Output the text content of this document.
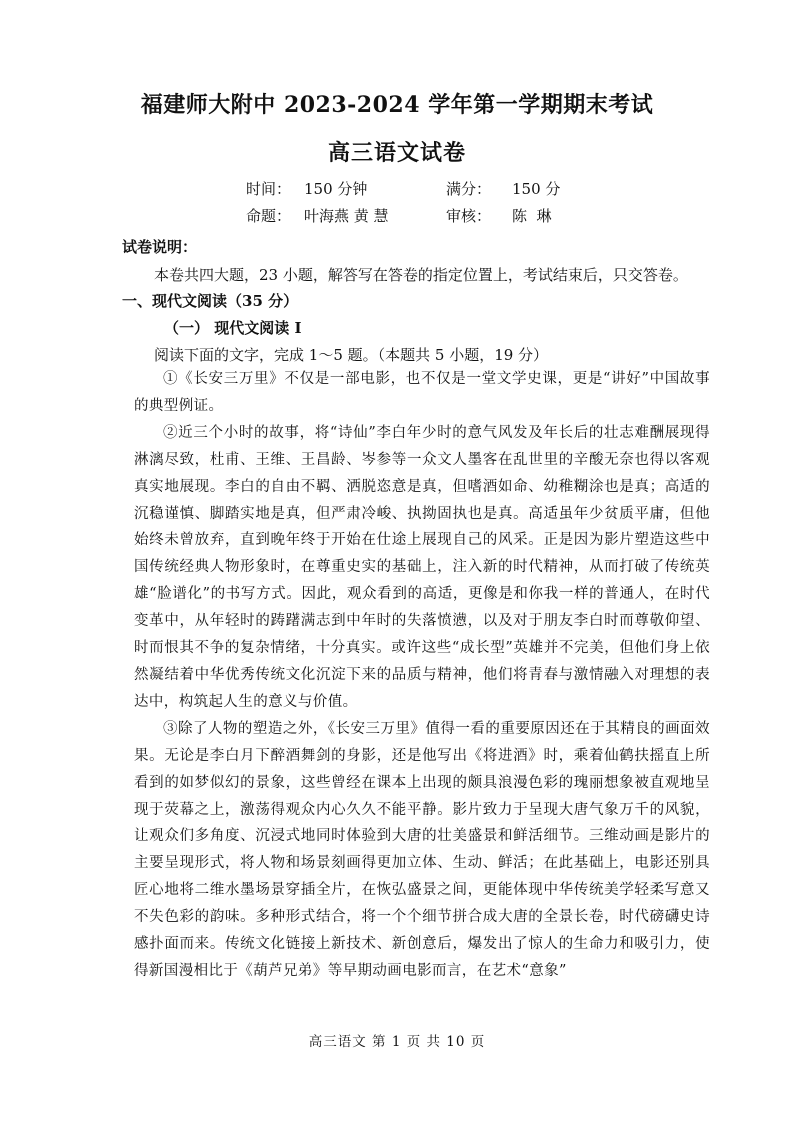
福建师大附中 2023-2024 学年第一学期期末考试
高三语文试卷
时间： 150 分钟	满分： 150 分
命题： 叶海燕 黄 慧	审核： 陈  琳
试卷说明：
本卷共四大题，23 小题，解答写在答卷的指定位置上，考试结束后，只交答卷。
一、现代文阅读（35 分）
（一） 现代文阅读 I
阅读下面的文字，完成 1～5 题。（本题共 5 小题，19 分）

①《长安三万里》不仅是一部电影，也不仅是一堂文学史课，更是“讲好”中国故事的典型例证。

②近三个小时的故事，将“诗仙”李白年少时的意气风发及年长后的壮志难酬展现得淋漓尽致，杜甫、王维、王昌龄、岑参等一众文人墨客在乱世里的辛酸无奈也得以客观真实地展现。李白的自由不羁、洒脱恣意是真，但嗜酒如命、幼稚糊涂也是真；高适的沉稳谨慎、脚踏实地是真，但严肃冷峻、执拗固执也是真。高适虽年少贫质平庸，但他始终未曾放弃，直到晚年终于开始在仕途上展现自己的风采。正是因为影片塑造这些中国传统经典人物形象时，在尊重史实的基础上，注入新的时代精神，从而打破了传统英雄“脸谱化”的书写方式。因此，观众看到的高适，更像是和你我一样的普通人，在时代变革中，从年轻时的踌躇满志到中年时的失落愤懑，以及对于朋友李白时而尊敬仰望、时而恨其不争的复杂情绪，十分真实。或许这些“成长型”英雄并不完美，但他们身上依然凝结着中华优秀传统文化沉淀下来的品质与精神，他们将青春与激情融入对理想的表达中，构筑起人生的意义与价值。

③除了人物的塑造之外，《长安三万里》值得一看的重要原因还在于其精良的画面效果。无论是李白月下醉酒舞剑的身影，还是他写出《将进酒》时，乘着仙鹤扶摇直上所看到的如梦似幻的景象，这些曾经在课本上出现的颇具浪漫色彩的瑰丽想象被直观地呈现于荧幕之上，激荡得观众内心久久不能平静。影片致力于呈现大唐气象万千的风貌，让观众们多角度、沉浸式地同时体验到大唐的壮美盛景和鲜活细节。三维动画是影片的主要呈现形式，将人物和场景刻画得更加立体、生动、鲜活；在此基础上，电影还别具匠心地将二维水墨场景穿插全片，在恢弘盛景之间，更能体现中华传统美学轻柔写意又不失色彩的韵味。多种形式结合，将一个个细节拼合成大唐的全景长卷，时代磅礴史诗感扑面而来。传统文化链接上新技术、新创意后，爆发出了惊人的生命力和吸引力，使得新国漫相比于《葫芦兄弟》等早期动画电影而言，在艺术“意象”

高三语文 第 1 页 共 10 页
